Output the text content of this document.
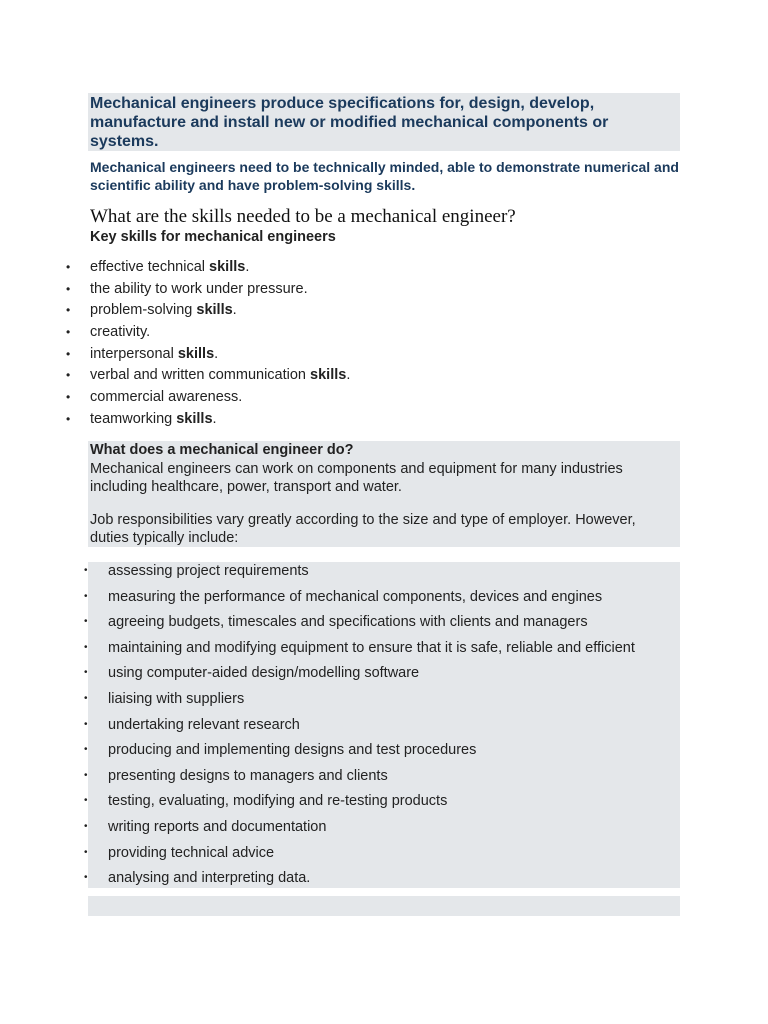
Mechanical engineers produce specifications for, design, develop, manufacture and install new or modified mechanical components or systems.
Mechanical engineers need to be technically minded, able to demonstrate numerical and scientific ability and have problem-solving skills.
What are the skills needed to be a mechanical engineer?
Key skills for mechanical engineers
• effective technical skills.
• the ability to work under pressure.
• problem-solving skills.
• creativity.
• interpersonal skills.
• verbal and written communication skills.
• commercial awareness.
• teamworking skills.
What does a mechanical engineer do?
Mechanical engineers can work on components and equipment for many industries including healthcare, power, transport and water.
Job responsibilities vary greatly according to the size and type of employer. However, duties typically include:
• assessing project requirements
• measuring the performance of mechanical components, devices and engines
• agreeing budgets, timescales and specifications with clients and managers
• maintaining and modifying equipment to ensure that it is safe, reliable and efficient
• using computer-aided design/modelling software
• liaising with suppliers
• undertaking relevant research
• producing and implementing designs and test procedures
• presenting designs to managers and clients
• testing, evaluating, modifying and re-testing products
• writing reports and documentation
• providing technical advice
• analysing and interpreting data.
